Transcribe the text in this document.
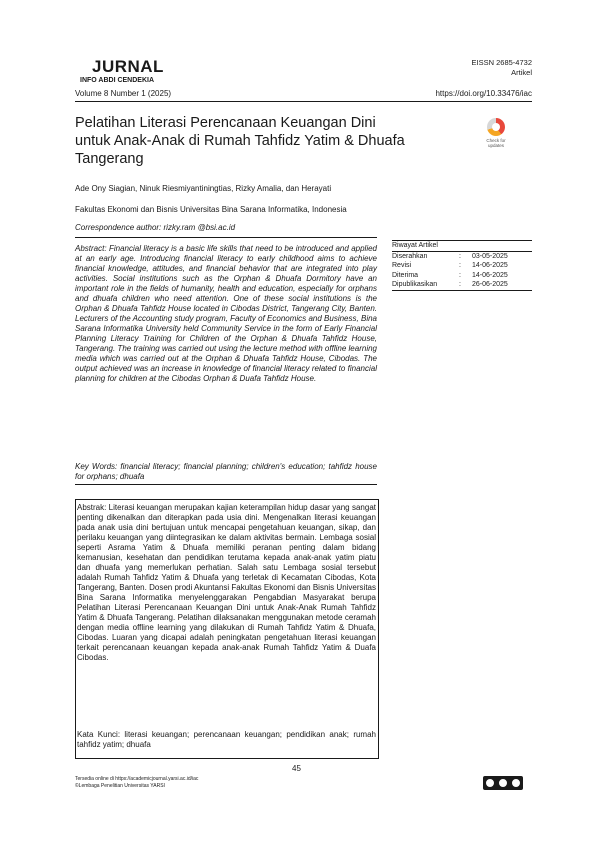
JURNAL
INFO ABDI CENDEKIA
Volume 8 Number 1 (2025)
EISSN 2685-4732
Artikel
https://doi.org/10.33476/iac
Pelatihan Literasi Perencanaan Keuangan Dini untuk Anak-Anak di Rumah Tahfidz Yatim & Dhuafa Tangerang
Check for updates
Ade Ony Siagian, Ninuk Riesmiyantiningtias, Rizky Amalia, dan Herayati
Fakultas Ekonomi dan Bisnis Universitas Bina Sarana Informatika, Indonesia
Correspondence author: rizky.ram @bsi.ac.id
Abstract: Financial literacy is a basic life skills that need to be introduced and applied at an early age. Introducing financial literacy to early childhood aims to achieve financial knowledge, attitudes, and financial behavior that are integrated into play activities. Social institutions such as the Orphan & Dhuafa Dormitory have an important role in the fields of humanity, health and education, especially for orphans and dhuafa children who need attention. One of these social institutions is the Orphan & Dhuafa Tahfidz House located in Cibodas District, Tangerang City, Banten. Lecturers of the Accounting study program, Faculty of Economics and Business, Bina Sarana Informatika University held Community Service in the form of Early Financial Planning Literacy Training for Children of the Orphan & Dhuafa Tahfidz House, Tangerang. The training was carried out using the lecture method with offline learning media which was carried out at the Orphan & Dhuafa Tahfidz House, Cibodas. The output achieved was an increase in knowledge of financial literacy related to financial planning for children at the Cibodas Orphan & Duafa Tahfidz House.
Key Words: financial literacy; financial planning; children's education; tahfidz house for orphans; dhuafa
Riwayat Artikel
Diserahkan	:	03-05-2025
Revisi	:	14-06-2025
Diterima	:	14-06-2025
Dipublikasikan	:	26-06-2025
Abstrak: Literasi keuangan merupakan kajian keterampilan hidup dasar yang sangat penting dikenalkan dan diterapkan pada usia dini. Mengenalkan literasi keuangan pada anak usia dini bertujuan untuk mencapai pengetahuan keuangan, sikap, dan perilaku keuangan yang diintegrasikan ke dalam aktivitas bermain. Lembaga sosial seperti Asrama Yatim & Dhuafa memiliki peranan penting dalam bidang kemanusian, kesehatan dan pendidikan terutama kepada anak-anak yatim piatu dan dhuafa yang memerlukan perhatian. Salah satu Lembaga sosial tersebut adalah Rumah Tahfidz Yatim & Dhuafa yang terletak di Kecamatan Cibodas, Kota Tangerang, Banten. Dosen prodi Akuntansi Fakultas Ekonomi dan Bisnis Universitas Bina Sarana Informatika menyelenggarakan Pengabdian Masyarakat berupa Pelatihan Literasi Perencanaan Keuangan Dini untuk Anak-Anak Rumah Tahfidz Yatim & Dhuafa Tangerang. Pelatihan dilaksanakan menggunakan metode ceramah dengan media offline learning yang dilakukan di Rumah Tahfidz Yatim & Dhuafa, Cibodas. Luaran yang dicapai adalah peningkatan pengetahuan literasi keuangan terkait perencanaan keuangan kepada anak-anak Rumah Tahfidz Yatim & Duafa Cibodas.
Kata Kunci: literasi keuangan; perencanaan keuangan; pendidikan anak; rumah tahfidz yatim; dhuafa
45
Tersedia online di https://academicjournal.yarsi.ac.id/iac
©Lembaga Penelitian Universitas YARSI
